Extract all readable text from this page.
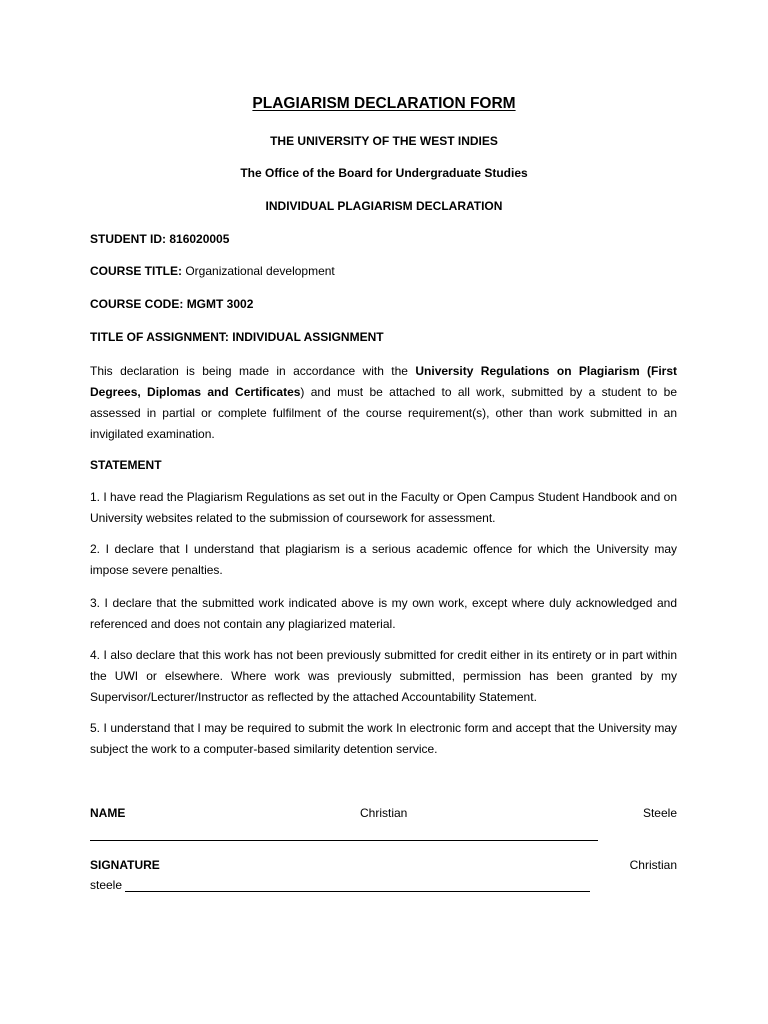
PLAGIARISM DECLARATION FORM
THE UNIVERSITY OF THE WEST INDIES
The Office of the Board for Undergraduate Studies
INDIVIDUAL PLAGIARISM DECLARATION
STUDENT ID: 816020005
COURSE TITLE: Organizational development
COURSE CODE: MGMT 3002
TITLE OF ASSIGNMENT: INDIVIDUAL ASSIGNMENT

This declaration is being made in accordance with the University Regulations on Plagiarism (First Degrees, Diplomas and Certificates) and must be attached to all work, submitted by a student to be assessed in partial or complete fulfilment of the course requirement(s), other than work submitted in an invigilated examination.

STATEMENT

1. I have read the Plagiarism Regulations as set out in the Faculty or Open Campus Student Handbook and on University websites related to the submission of coursework for assessment.

2. I declare that I understand that plagiarism is a serious academic offence for which the University may impose severe penalties.

3. I declare that the submitted work indicated above is my own work, except where duly acknowledged and referenced and does not contain any plagiarized material.

4. I also declare that this work has not been previously submitted for credit either in its entirety or in part within the UWI or elsewhere. Where work was previously submitted, permission has been granted by my Supervisor/Lecturer/Instructor as reflected by the attached Accountability Statement.

5. I understand that I may be required to submit the work In electronic form and accept that the University may subject the work to a computer-based similarity detention service.

NAME	Christian	Steele
SIGNATURE	Christian
steele
